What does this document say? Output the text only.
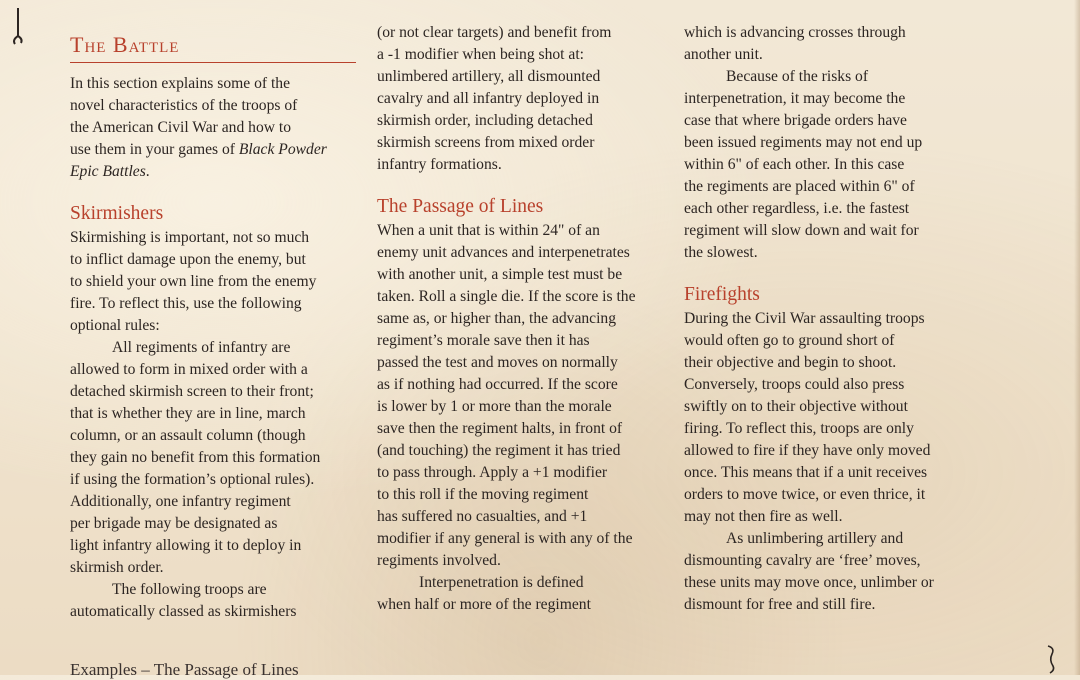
The Battle
In this section explains some of the
novel characteristics of the troops of
the American Civil War and how to
use them in your games of Black Powder
Epic Battles.
Skirmishers
Skirmishing is important, not so much
to inflict damage upon the enemy, but
to shield your own line from the enemy
fire. To reflect this, use the following
optional rules:
All regiments of infantry are
allowed to form in mixed order with a
detached skirmish screen to their front;
that is whether they are in line, march
column, or an assault column (though
they gain no benefit from this formation
if using the formation’s optional rules).
Additionally, one infantry regiment
per brigade may be designated as
light infantry allowing it to deploy in
skirmish order.
The following troops are
automatically classed as skirmishers
(or not clear targets) and benefit from
a -1 modifier when being shot at:
unlimbered artillery, all dismounted
cavalry and all infantry deployed in
skirmish order, including detached
skirmish screens from mixed order
infantry formations.
The Passage of Lines
When a unit that is within 24" of an
enemy unit advances and interpenetrates
with another unit, a simple test must be
taken. Roll a single die. If the score is the
same as, or higher than, the advancing
regiment’s morale save then it has
passed the test and moves on normally
as if nothing had occurred. If the score
is lower by 1 or more than the morale
save then the regiment halts, in front of
(and touching) the regiment it has tried
to pass through. Apply a +1 modifier
to this roll if the moving regiment
has suffered no casualties, and +1
modifier if any general is with any of the
regiments involved.
Interpenetration is defined
when half or more of the regiment
which is advancing crosses through
another unit.
Because of the risks of
interpenetration, it may become the
case that where brigade orders have
been issued regiments may not end up
within 6" of each other. In this case
the regiments are placed within 6" of
each other regardless, i.e. the fastest
regiment will slow down and wait for
the slowest.
Firefights
During the Civil War assaulting troops
would often go to ground short of
their objective and begin to shoot.
Conversely, troops could also press
swiftly on to their objective without
firing. To reflect this, troops are only
allowed to fire if they have only moved
once. This means that if a unit receives
orders to move twice, or even thrice, it
may not then fire as well.
As unlimbering artillery and
dismounting cavalry are ‘free’ moves,
these units may move once, unlimber or
dismount for free and still fire.
Examples – The Passage of Lines
